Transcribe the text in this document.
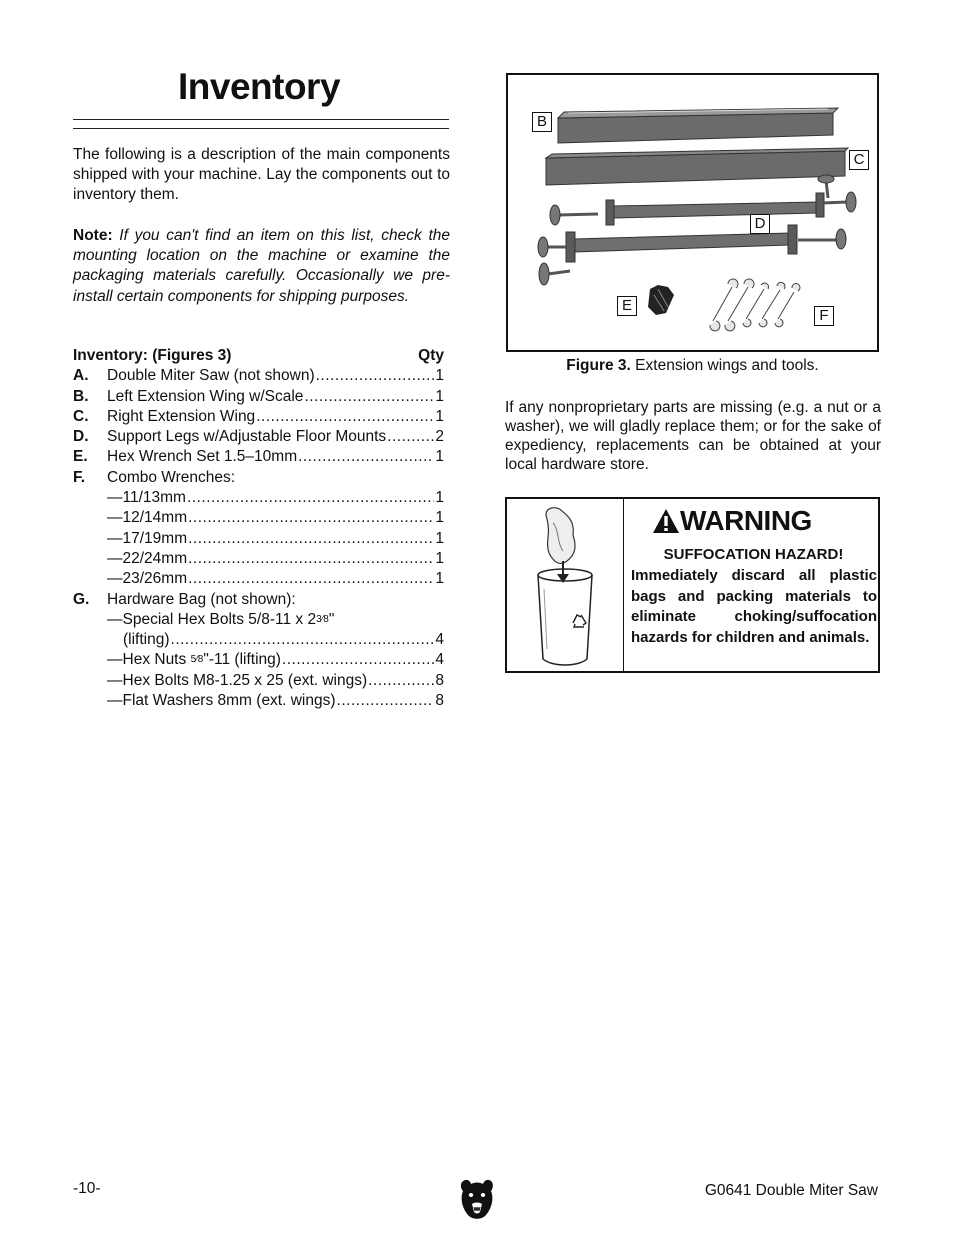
Inventory

The following is a description of the main components shipped with your machine. Lay the components out to inventory them.

Note: If you can't find an item on this list, check the mounting location on the machine or examine the packaging materials carefully. Occasionally we pre-install certain components for shipping purposes.

Inventory: (Figures 3)	Qty
A.	Double Miter Saw (not shown) .....	1
B.	Left Extension Wing w/Scale .....	1
C.	Right Extension Wing .....	1
D.	Support Legs w/Adjustable Floor Mounts .....	2
E.	Hex Wrench Set 1.5–10mm .....	1
F.	Combo Wrenches:
—11/13mm .....	1
—12/14mm .....	1
—17/19mm .....	1
—22/24mm .....	1
—23/26mm .....	1
G.	Hardware Bag (not shown):
—Special Hex Bolts 5/8-11 x 23⁄8"
(lifting) .....	4
—Hex Nuts 5⁄8"-11 (lifting) .....	4
—Hex Bolts M8-1.25 x 25 (ext. wings) .....	8
—Flat Washers 8mm (ext. wings) .....	8
B
C
D
E
F

Figure 3. Extension wings and tools.

If any nonproprietary parts are missing (e.g. a nut or a washer), we will gladly replace them; or for the sake of expediency, replacements can be obtained at your local hardware store.

WARNING

SUFFOCATION HAZARD!

Immediately discard all plastic bags and packing materials to eliminate choking/suffocation hazards for children and animals.

-10-	G0641 Double Miter Saw
